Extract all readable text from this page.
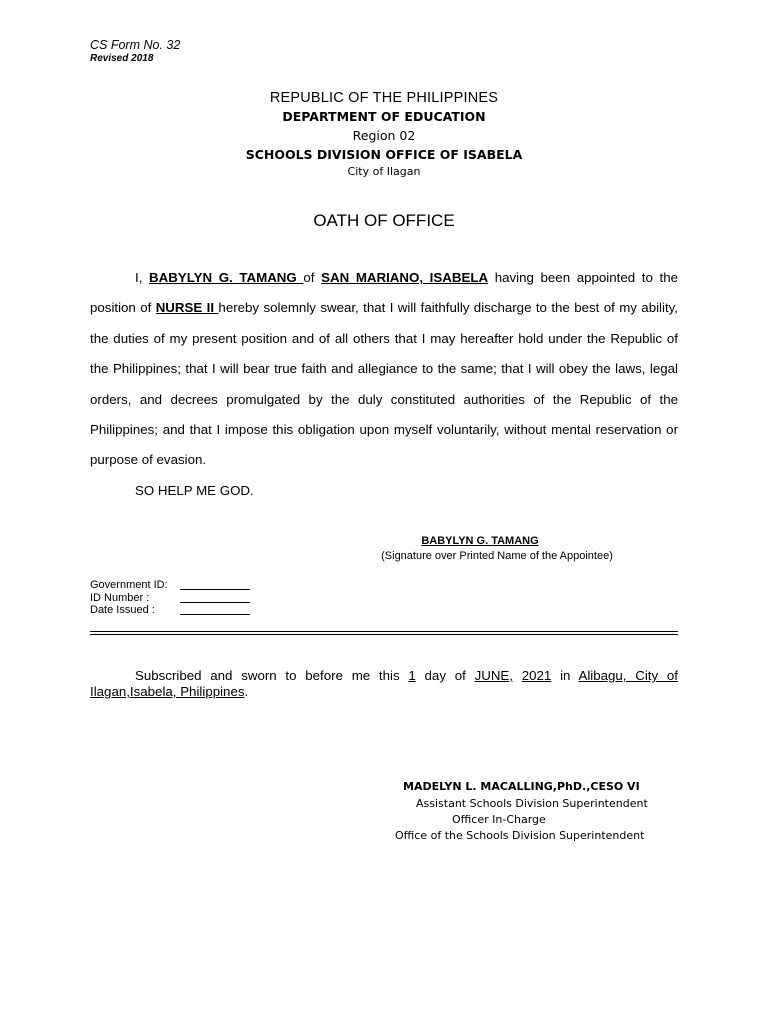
CS Form No. 32
Revised 2018
REPUBLIC OF THE PHILIPPINES
DEPARTMENT OF EDUCATION
Region 02
SCHOOLS DIVISION OFFICE OF ISABELA
City of Ilagan
OATH OF OFFICE
I, BABYLYN G. TAMANG of SAN MARIANO, ISABELA having been appointed to the position of NURSE II hereby solemnly swear, that I will faithfully discharge to the best of my ability, the duties of my present position and of all others that I may hereafter hold under the Republic of the Philippines; that I will bear true faith and allegiance to the same; that I will obey the laws, legal orders, and decrees promulgated by the duly constituted authorities of the Republic of the Philippines; and that I impose this obligation upon myself voluntarily, without mental reservation or purpose of evasion.
SO HELP ME GOD.
BABYLYN G. TAMANG
(Signature over Printed Name of the Appointee)
Government ID:
ID Number :
Date Issued :
Subscribed and sworn to before me this 1 day of JUNE, 2021 in Alibagu, City of Ilagan,Isabela, Philippines.
MADELYN L. MACALLING,PhD.,CESO VI
Assistant Schools Division Superintendent
Officer In-Charge
Office of the Schools Division Superintendent
